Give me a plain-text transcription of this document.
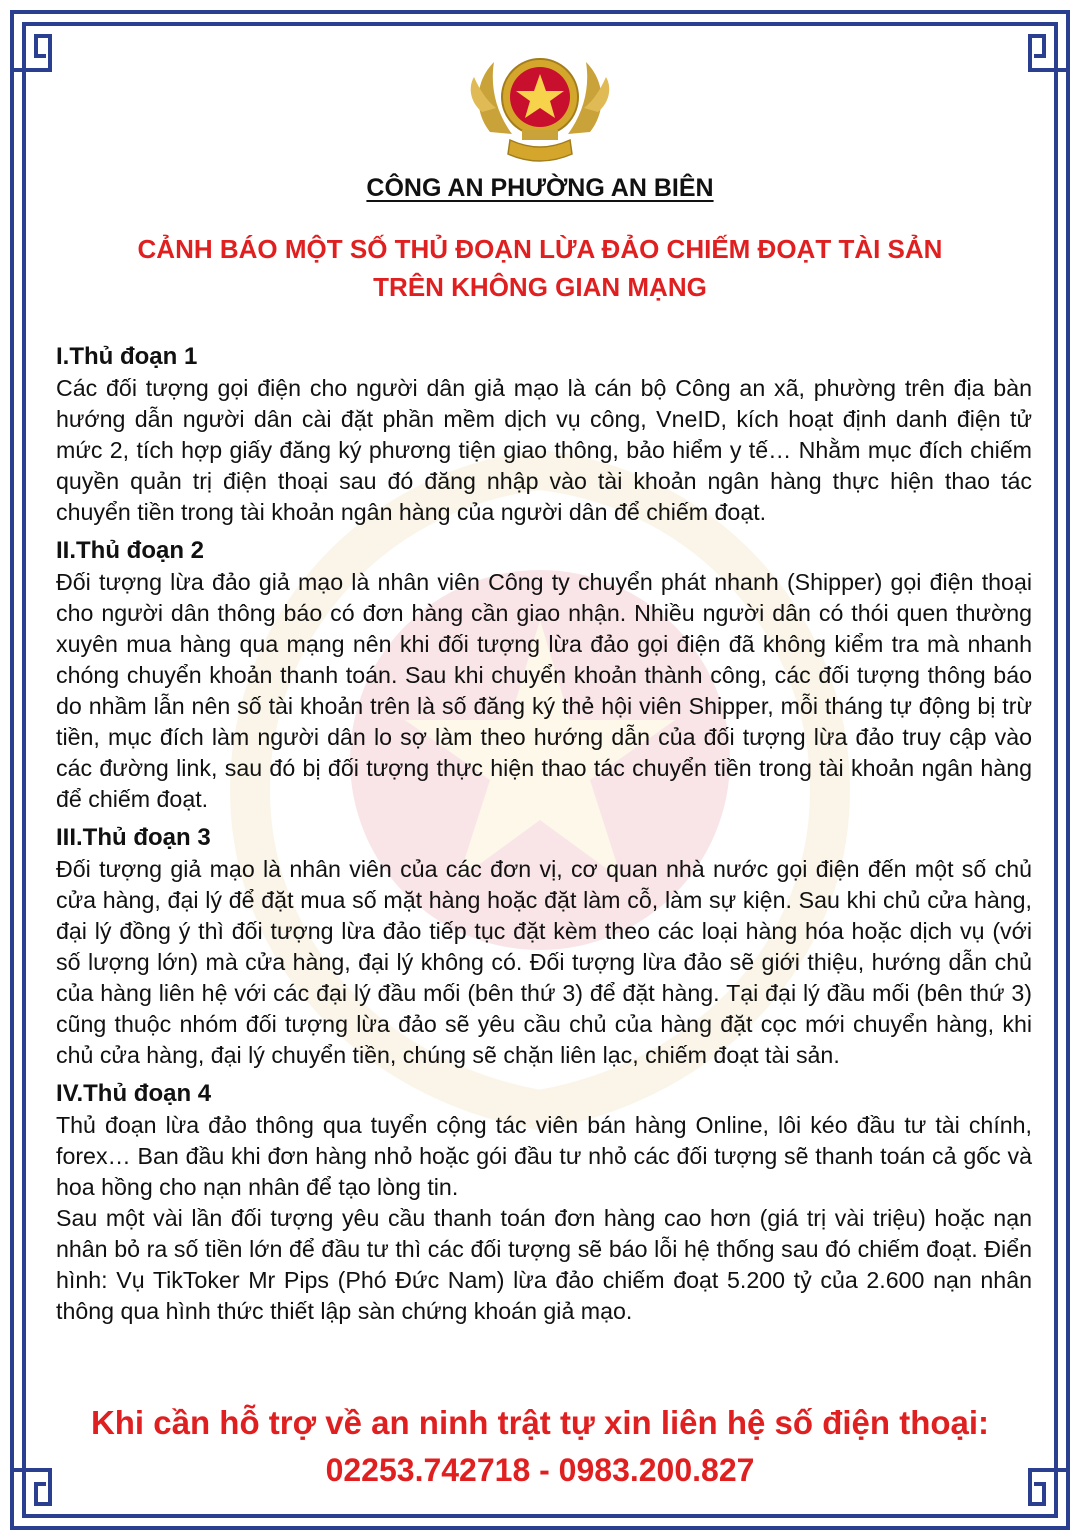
CÔNG AN PHƯỜNG AN BIÊN
CẢNH BÁO MỘT SỐ THỦ ĐOẠN LỪA ĐẢO CHIẾM ĐOẠT TÀI SẢN
TRÊN KHÔNG GIAN MẠNG
I.Thủ đoạn 1

Các đối tượng gọi điện cho người dân giả mạo là cán bộ Công an xã, phường trên địa bàn hướng dẫn người dân cài đặt phần mềm dịch vụ công, VneID, kích hoạt định danh điện tử mức 2, tích hợp giấy đăng ký phương tiện giao thông, bảo hiểm y tế… Nhằm mục đích chiếm quyền quản trị điện thoại sau đó đăng nhập vào tài khoản ngân hàng thực hiện thao tác chuyển tiền trong tài khoản ngân hàng của người dân để chiếm đoạt.

II.Thủ đoạn 2

Đối tượng lừa đảo giả mạo là nhân viên Công ty chuyển phát nhanh (Shipper) gọi điện thoại cho người dân thông báo có đơn hàng cần giao nhận. Nhiều người dân có thói quen thường xuyên mua hàng qua mạng nên khi đối tượng lừa đảo gọi điện đã không kiểm tra mà nhanh chóng chuyển khoản thanh toán. Sau khi chuyển khoản thành công, các đối tượng thông báo do nhầm lẫn nên số tài khoản trên là số đăng ký thẻ hội viên Shipper, mỗi tháng tự động bị trừ tiền, mục đích làm người dân lo sợ làm theo hướng dẫn của đối tượng lừa đảo truy cập vào các đường link, sau đó bị đối tượng thực hiện thao tác chuyển tiền trong tài khoản ngân hàng để chiếm đoạt.

III.Thủ đoạn 3

Đối tượng giả mạo là nhân viên của các đơn vị, cơ quan nhà nước gọi điện đến một số chủ cửa hàng, đại lý để đặt mua số mặt hàng hoặc đặt làm cỗ, làm sự kiện. Sau khi chủ cửa hàng, đại lý đồng ý thì đối tượng lừa đảo tiếp tục đặt kèm theo các loại hàng hóa hoặc dịch vụ (với số lượng lớn) mà cửa hàng, đại lý không có. Đối tượng lừa đảo sẽ giới thiệu, hướng dẫn chủ của hàng liên hệ với các đại lý đầu mối (bên thứ 3) để đặt hàng. Tại đại lý đầu mối (bên thứ 3) cũng thuộc nhóm đối tượng lừa đảo sẽ yêu cầu chủ của hàng đặt cọc mới chuyển hàng, khi chủ cửa hàng, đại lý chuyển tiền, chúng sẽ chặn liên lạc, chiếm đoạt tài sản.

IV.Thủ đoạn 4

Thủ đoạn lừa đảo thông qua tuyển cộng tác viên bán hàng Online, lôi kéo đầu tư tài chính, forex… Ban đầu khi đơn hàng nhỏ hoặc gói đầu tư nhỏ các đối tượng sẽ thanh toán cả gốc và hoa hồng cho nạn nhân để tạo lòng tin.

Sau một vài lần đối tượng yêu cầu thanh toán đơn hàng cao hơn (giá trị vài triệu) hoặc nạn nhân bỏ ra số tiền lớn để đầu tư thì các đối tượng sẽ báo lỗi hệ thống sau đó chiếm đoạt. Điển hình: Vụ TikToker Mr Pips (Phó Đức Nam) lừa đảo chiếm đoạt 5.200 tỷ của 2.600 nạn nhân thông qua hình thức thiết lập sàn chứng khoán giả mạo.

Khi cần hỗ trợ về an ninh trật tự xin liên hệ số điện thoại:
02253.742718 - 0983.200.827
